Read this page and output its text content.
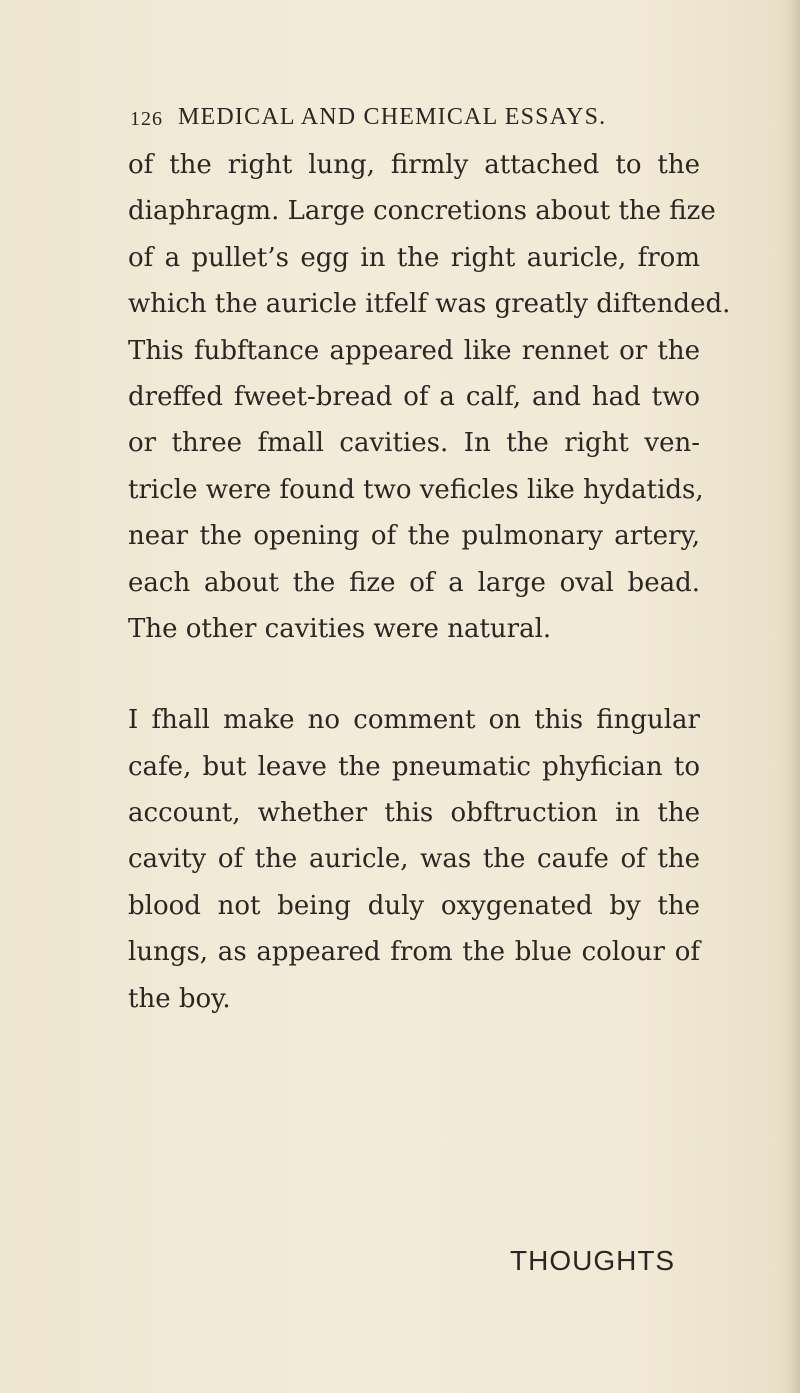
126 MEDICAL AND CHEMICAL ESSAYS.
of the right lung, firmly attached to the
diaphragm. Large concretions about the fize
of a pullet’s egg in the right auricle, from
which the auricle itfelf was greatly diftended.
This fubftance appeared like rennet or the
dreffed fweet-bread of a calf, and had two
or three fmall cavities. In the right ven-
tricle were found two veficles like hydatids,
near the opening of the pulmonary artery,
each about the fize of a large oval bead.
The other cavities were natural.
I fhall make no comment on this fingular
cafe, but leave the pneumatic phyfician to
account, whether this obftruction in the
cavity of the auricle, was the caufe of the
blood not being duly oxygenated by the
lungs, as appeared from the blue colour of
the boy.
THOUGHTS
